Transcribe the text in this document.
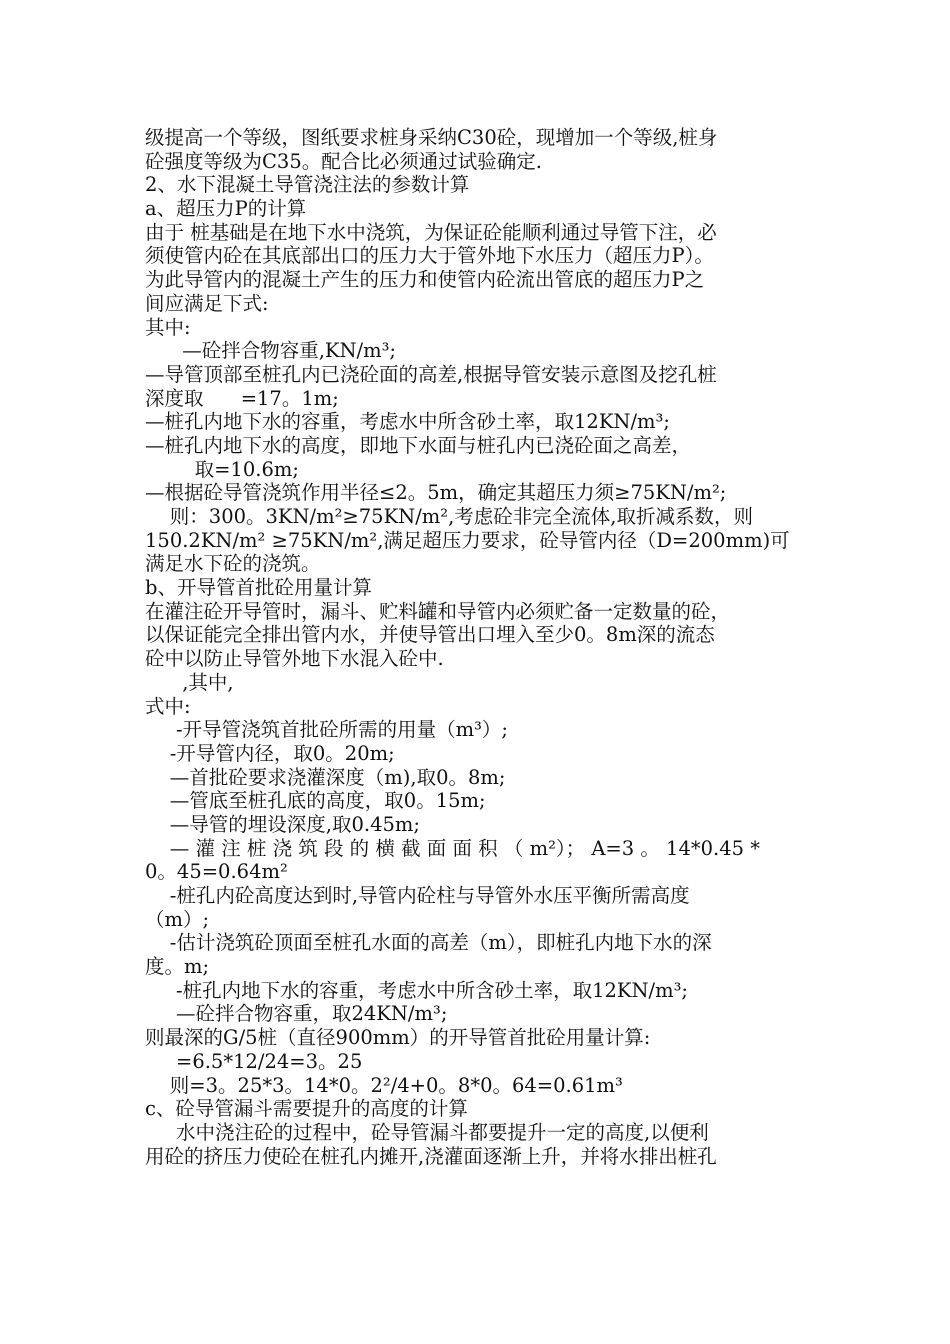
级提高一个等级，图纸要求桩身采纳C30砼，现增加一个等级,桩身
砼强度等级为C35。配合比必须通过试验确定.
2、水下混凝土导管浇注法的参数计算
a、超压力P的计算
由于 桩基础是在地下水中浇筑，为保证砼能顺利通过导管下注，必
须使管内砼在其底部出口的压力大于管外地下水压力（超压力P）。
为此导管内的混凝土产生的压力和使管内砼流出管底的超压力P之
间应满足下式:
其中:
—砼拌合物容重,KN/m³;
—导管顶部至桩孔内已浇砼面的高差,根据导管安装示意图及挖孔桩
深度取      =17。1m;
—桩孔内地下水的容重，考虑水中所含砂土率，取12KN/m³;
—桩孔内地下水的高度，即地下水面与桩孔内已浇砼面之高差，
取=10.6m;
—根据砼导管浇筑作用半径≤2。5m，确定其超压力须≥75KN/m²;
则：300。3KN/m²≥75KN/m²,考虑砼非完全流体,取折减系数，则
150.2KN/m² ≥75KN/m²,满足超压力要求，砼导管内径（D=200mm)可
满足水下砼的浇筑。
b、开导管首批砼用量计算
在灌注砼开导管时，漏斗、贮料罐和导管内必须贮备一定数量的砼，
以保证能完全排出管内水，并使导管出口埋入至少0。8m深的流态
砼中以防止导管外地下水混入砼中.
,其中,
式中:
-开导管浇筑首批砼所需的用量（m³）;
-开导管内径，取0。20m;
—首批砼要求浇灌深度（m),取0。8m;
—管底至桩孔底的高度，取0。15m;
—导管的埋设深度,取0.45m;
— 灌 注 桩 浇 筑 段 的 横 截 面 面 积 （ m²）； A=3 。 14*0.45 *
0。45=0.64m²
-桩孔内砼高度达到时,导管内砼柱与导管外水压平衡所需高度
（m）;
-估计浇筑砼顶面至桩孔水面的高差（m），即桩孔内地下水的深
度。m;
-桩孔内地下水的容重，考虑水中所含砂土率，取12KN/m³;
—砼拌合物容重，取24KN/m³;
则最深的G/5桩（直径900mm）的开导管首批砼用量计算:
=6.5*12/24=3。25
则=3。25*3。14*0。2²/4+0。8*0。64=0.61m³
c、砼导管漏斗需要提升的高度的计算
水中浇注砼的过程中，砼导管漏斗都要提升一定的高度,以便利
用砼的挤压力使砼在桩孔内摊开,浇灌面逐渐上升，并将水排出桩孔
